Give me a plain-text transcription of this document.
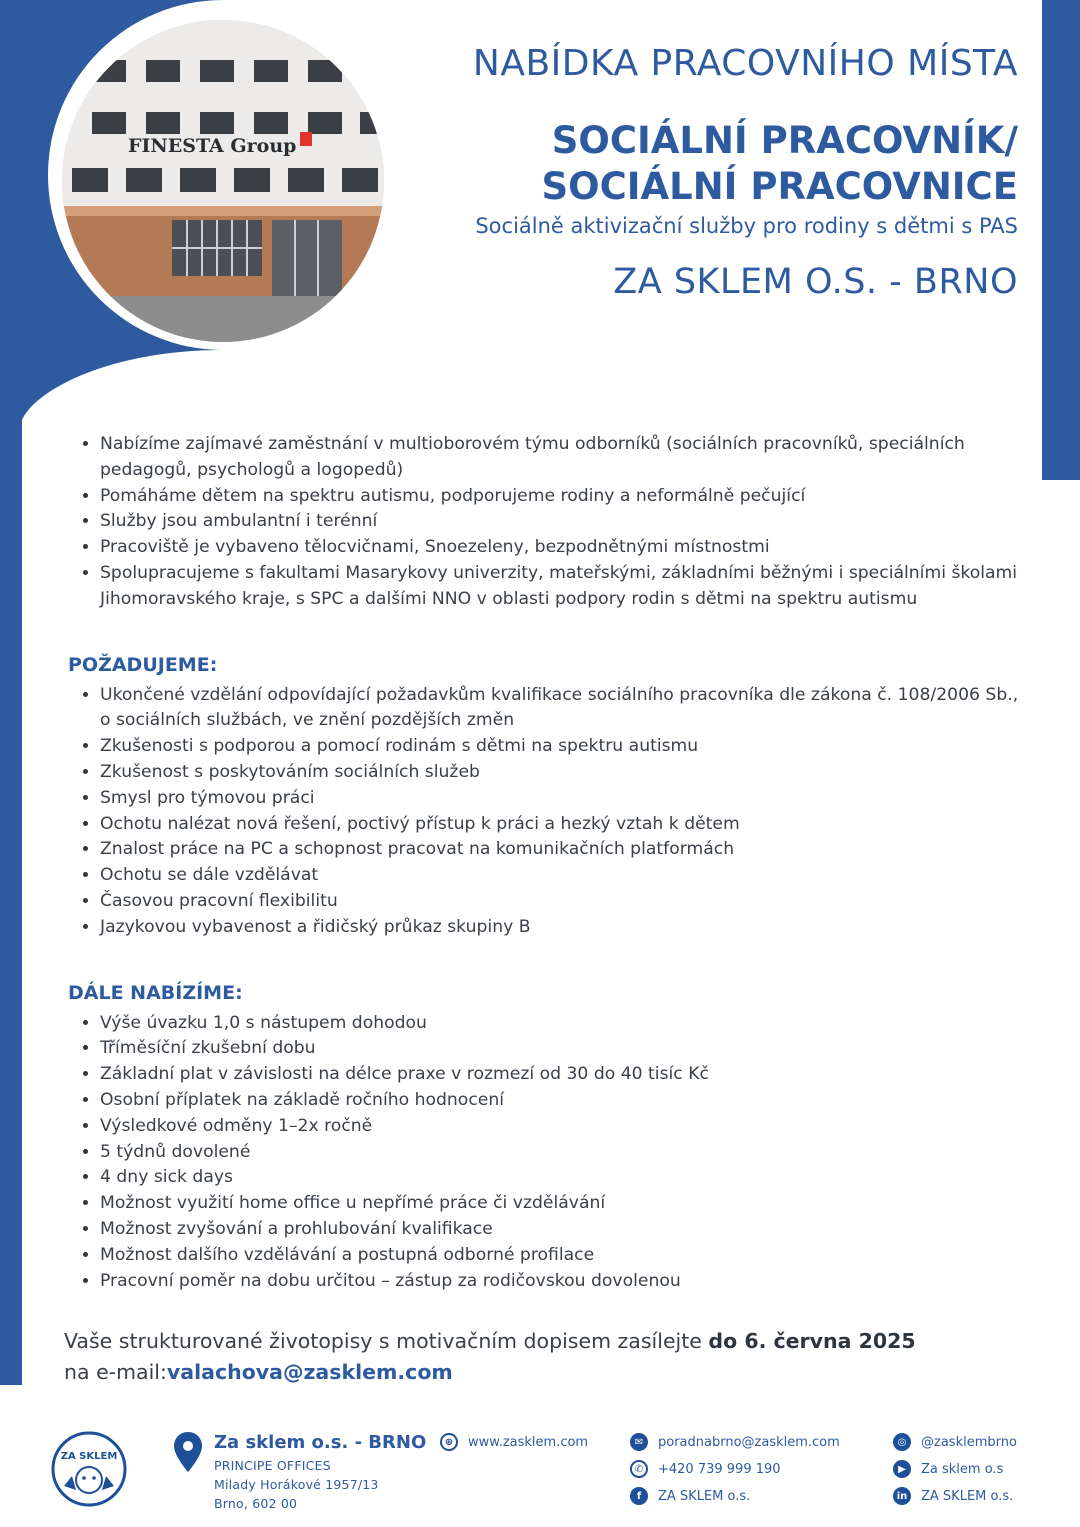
FINESTA Group

NABÍDKA PRACOVNÍHO MÍSTA

SOCIÁLNÍ PRACOVNÍK/
SOCIÁLNÍ PRACOVNICE
Sociálně aktivizační služby pro rodiny s dětmi s PAS
ZA SKLEM O.S. - BRNO
• Nabízíme zajímavé zaměstnání v multioborovém týmu odborníků (sociálních pracovníků, speciálních pedagogů, psychologů a logopedů)
• Pomáháme dětem na spektru autismu, podporujeme rodiny a neformálně pečující
• Služby jsou ambulantní i terénní
• Pracoviště je vybaveno tělocvičnami, Snoezeleny, bezpodnětnými místnostmi
• Spolupracujeme s fakultami Masarykovy univerzity, mateřskými, základními běžnými i speciálními školami Jihomoravského kraje, s SPC a dalšími NNO v oblasti podpory rodin s dětmi na spektru autismu
POŽADUJEME:
• Ukončené vzdělání odpovídající požadavkům kvalifikace sociálního pracovníka dle zákona č. 108/2006 Sb., o sociálních službách, ve znění pozdějších změn
• Zkušenosti s podporou a pomocí rodinám s dětmi na spektru autismu
• Zkušenost s poskytováním sociálních služeb
• Smysl pro týmovou práci
• Ochotu nalézat nová řešení, poctivý přístup k práci a hezký vztah k dětem
• Znalost práce na PC a schopnost pracovat na komunikačních platformách
• Ochotu se dále vzdělávat
• Časovou pracovní flexibilitu
• Jazykovou vybavenost a řidičský průkaz skupiny B
DÁLE NABÍZÍME:
• Výše úvazku 1,0 s nástupem dohodou
• Tříměsíční zkušební dobu
• Základní plat v závislosti na délce praxe v rozmezí od 30 do 40 tisíc Kč
• Osobní příplatek na základě ročního hodnocení
• Výsledkové odměny 1–2x ročně
• 5 týdnů dovolené
• 4 dny sick days
• Možnost využití home office u nepřímé práce či vzdělávání
• Možnost zvyšování a prohlubování kvalifikace
• Možnost dalšího vzdělávání a postupná odborné profilace
• Pracovní poměr na dobu určitou – zástup za rodičovskou dovolenou
Vaše strukturované životopisy s motivačním dopisem zasílejte do 6. června 2025
na e-mail:valachova@zasklem.com
ZA SKLEM
Za sklem o.s. - BRNO
PRINCIPE OFFICES
Milady Horákové 1957/13
Brno, 602 00
⊕	www.zasklem.com	✉	poradnabrno@zasklem.com
✆	+420 739 999 190
f	ZA SKLEM o.s.
◎	@zasklembrno
▶	Za sklem o.s
in ZA SKLEM o.s.
